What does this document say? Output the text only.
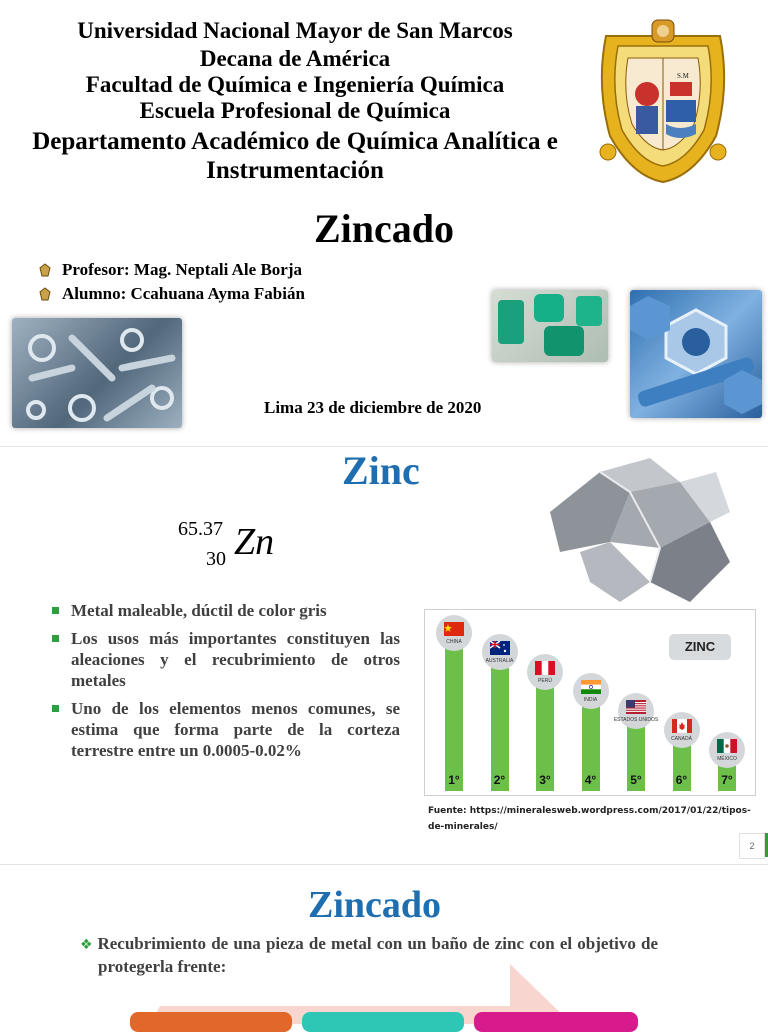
Universidad Nacional Mayor de San Marcos

Decana de América

Facultad de Química e Ingeniería Química

Escuela Profesional de Química

Departamento Académico de Química Analítica e

Instrumentación

S.M
Zincado
Profesor: Mag. Neptali Ale Borja
Alumno: Ccahuana Ayma Fabián

Lima 23 de diciembre de 2020

Zinc
65.37
30 Zn
Metal maleable, dúctil de color gris
Los usos más importantes constituyen las aleaciones y el recubrimiento de otros metales
Uno de los elementos menos comunes, se estima que forma parte de la corteza terrestre entre un 0.0005-0.02%
ZINC
1°
CHINA
2°
AUSTRALIA
3°
PERÚ
4°
INDIA
5°
ESTADOS UNIDOS
6°
CANADÁ
7°
MÉXICO

Fuente: https://mineralesweb.wordpress.com/2017/01/22/tipos-de-minerales/

2
Zincado

❖ Recubrimiento de una pieza de metal con un baño de zinc con el objetivo de protegerla frente:
